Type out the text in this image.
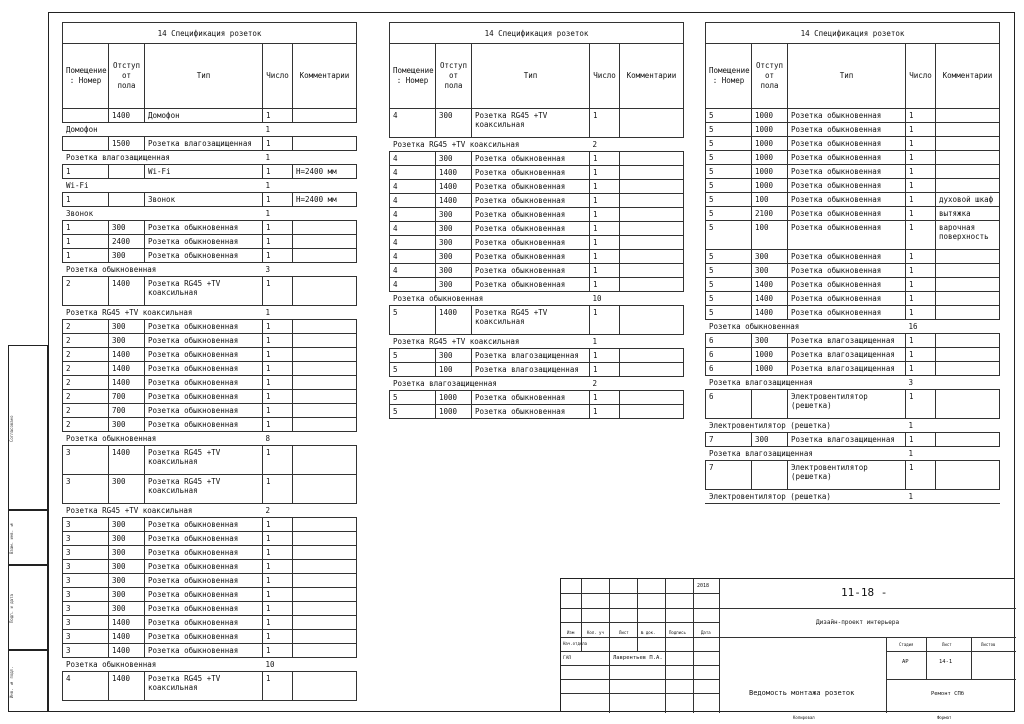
Согласовано
Взам. инв. №
Подп. и дата
Инв. № подл.
14 Спецификация розеток				
Помещение : Номер	Отступ от пола	Тип	Число	Комментарии
	1400	Домофон	1	
Домофон			1	
	1500	Розетка влагозащищенная	1	
Розетка влагозащищенная			1	
1		Wi-Fi	1	H=2400 мм
Wi-Fi			1	
1		Звонок	1	H=2400 мм
Звонок			1	
1	300	Розетка обыкновенная	1	
1	2400	Розетка обыкновенная	1	
1	300	Розетка обыкновенная	1	
Розетка обыкновенная			3	
2	1400	Розетка RG45 +TV коаксильная	1	
Розетка RG45 +TV коаксильная			1	
2	300	Розетка обыкновенная	1	
2	300	Розетка обыкновенная	1	
2	1400	Розетка обыкновенная	1	
2	1400	Розетка обыкновенная	1	
2	1400	Розетка обыкновенная	1	
2	700	Розетка обыкновенная	1	
2	700	Розетка обыкновенная	1	
2	300	Розетка обыкновенная	1	
Розетка обыкновенная			8	
3	1400	Розетка RG45 +TV коаксильная	1	
3	300	Розетка RG45 +TV коаксильная	1	
Розетка RG45 +TV коаксильная			2	
3	300	Розетка обыкновенная	1	
3	300	Розетка обыкновенная	1	
3	300	Розетка обыкновенная	1	
3	300	Розетка обыкновенная	1	
3	300	Розетка обыкновенная	1	
3	300	Розетка обыкновенная	1	
3	300	Розетка обыкновенная	1	
3	1400	Розетка обыкновенная	1	
3	1400	Розетка обыкновенная	1	
3	1400	Розетка обыкновенная	1	
Розетка обыкновенная			10	
4	1400	Розетка RG45 +TV коаксильная	1	
14 Спецификация розеток				
Помещение : Номер	Отступ от пола	Тип	Число	Комментарии
4	300	Розетка RG45 +TV коаксильная	1	
Розетка RG45 +TV коаксильная			2	
4	300	Розетка обыкновенная	1	
4	1400	Розетка обыкновенная	1	
4	1400	Розетка обыкновенная	1	
4	1400	Розетка обыкновенная	1	
4	300	Розетка обыкновенная	1	
4	300	Розетка обыкновенная	1	
4	300	Розетка обыкновенная	1	
4	300	Розетка обыкновенная	1	
4	300	Розетка обыкновенная	1	
4	300	Розетка обыкновенная	1	
Розетка обыкновенная			10	
5	1400	Розетка RG45 +TV коаксильная	1	
Розетка RG45 +TV коаксильная			1	
5	300	Розетка влагозащищенная	1	
5	100	Розетка влагозащищенная	1	
Розетка влагозащищенная			2	
5	1000	Розетка обыкновенная	1	
5	1000	Розетка обыкновенная	1	
14 Спецификация розеток				
Помещение : Номер	Отступ от пола	Тип	Число	Комментарии
5	1000	Розетка обыкновенная	1	
5	1000	Розетка обыкновенная	1	
5	1000	Розетка обыкновенная	1	
5	1000	Розетка обыкновенная	1	
5	1000	Розетка обыкновенная	1	
5	1000	Розетка обыкновенная	1	
5	100	Розетка обыкновенная	1	духовой шкаф
5	2100	Розетка обыкновенная	1	вытяжка
5	100	Розетка обыкновенная	1	варочная поверхность
5	300	Розетка обыкновенная	1	
5	300	Розетка обыкновенная	1	
5	1400	Розетка обыкновенная	1	
5	1400	Розетка обыкновенная	1	
5	1400	Розетка обыкновенная	1	
Розетка обыкновенная			16	
6	300	Розетка влагозащищенная	1	
6	1000	Розетка влагозащищенная	1	
6	1000	Розетка влагозащищенная	1	
Розетка влагозащищенная			3	
6		Электровентилятор (решетка)	1	
Электровентилятор (решетка)			1	
7	300	Розетка влагозащищенная	1	
Розетка влагозащищенная			1	
7		Электровентилятор (решетка)	1	
Электровентилятор (решетка)			1	
2018	11-18 -
Дизайн-проект интерьера
Изм	Кол. уч	Лист	№ док.	Подпись	Дата
Нач.отдела
ГАП	Лаврентьев П.А.
Стадия	Лист	Листов
АР	14-1
Ведомость монтажа розеток	Ремонт СПб
Копировал	Формат
